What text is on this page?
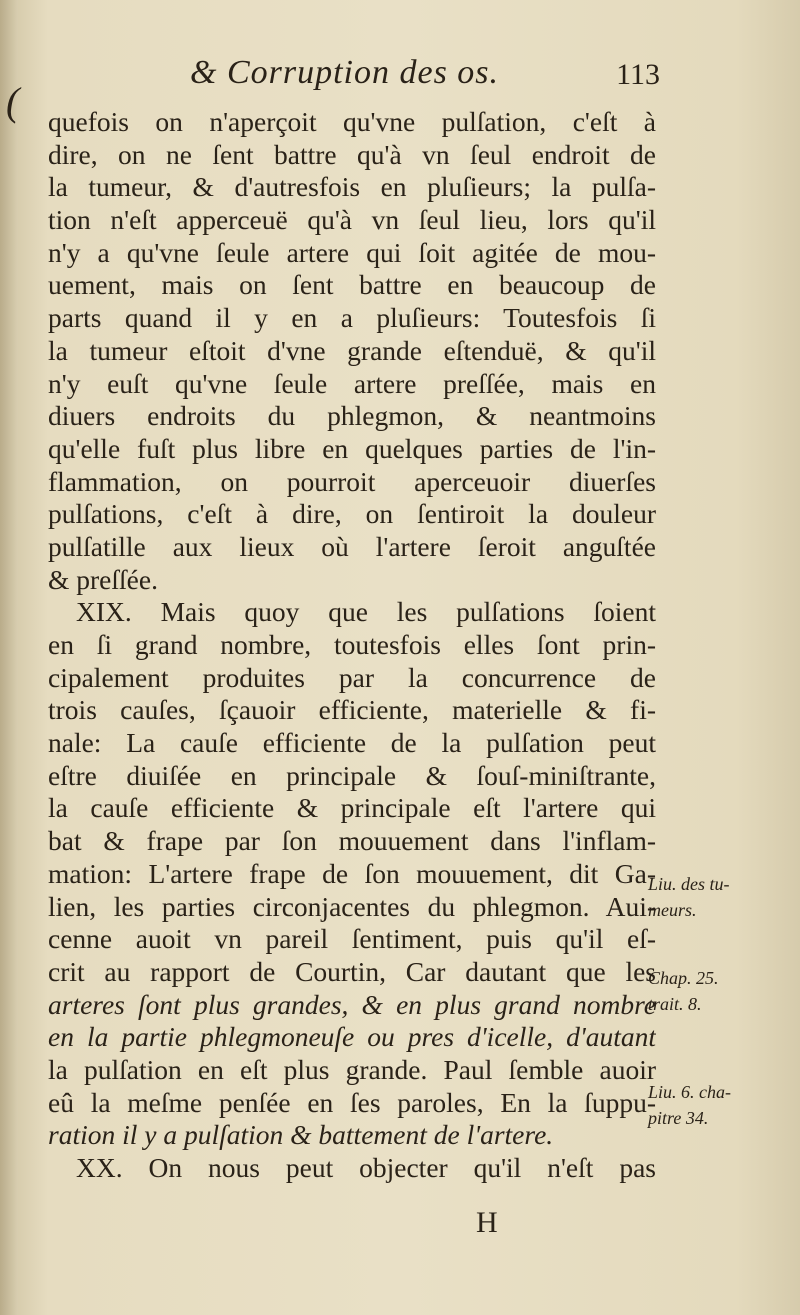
(
& Corruption des os.	113
quefois on n'aperçoit qu'vne pulſation, c'eſt à
dire, on ne ſent battre qu'à vn ſeul endroit de
la tumeur, & d'autresfois en pluſieurs; la pulſa-
tion n'eſt apperceuë qu'à vn ſeul lieu, lors qu'il
n'y a qu'vne ſeule artere qui ſoit agitée de mou-
uement, mais on ſent battre en beaucoup de
parts quand il y en a pluſieurs: Toutesfois ſi
la tumeur eſtoit d'vne grande eſtenduë, & qu'il
n'y euſt qu'vne ſeule artere preſſée, mais en
diuers endroits du phlegmon, & neantmoins
qu'elle fuſt plus libre en quelques parties de l'in-
flammation, on pourroit aperceuoir diuerſes
pulſations, c'eſt à dire, on ſentiroit la douleur
pulſatille aux lieux où l'artere ſeroit anguſtée
& preſſée.
XIX. Mais quoy que les pulſations ſoient
en ſi grand nombre, toutesfois elles ſont prin-
cipalement produites par la concurrence de
trois cauſes, ſçauoir efficiente, materielle & fi-
nale: La cauſe efficiente de la pulſation peut
eſtre diuiſée en principale & ſouſ-miniſtrante,
la cauſe efficiente & principale eſt l'artere qui
bat & frape par ſon mouuement dans l'inflam-
mation: L'artere frape de ſon mouuement, dit Ga-
lien, les parties circonjacentes du phlegmon. Aui-
cenne auoit vn pareil ſentiment, puis qu'il eſ-
crit au rapport de Courtin, Car dautant que les
arteres ſont plus grandes, & en plus grand nombre
en la partie phlegmoneuſe ou pres d'icelle, d'autant
la pulſation en eſt plus grande. Paul ſemble auoir
eû la meſme penſée en ſes paroles, En la ſuppu-
ration il y a pulſation & battement de l'artere.
XX. On nous peut objecter qu'il n'eſt pas
Liu. des tu-
meurs.
Chap. 25.
trait. 8.
Liu. 6. cha-
pitre 34.
H
